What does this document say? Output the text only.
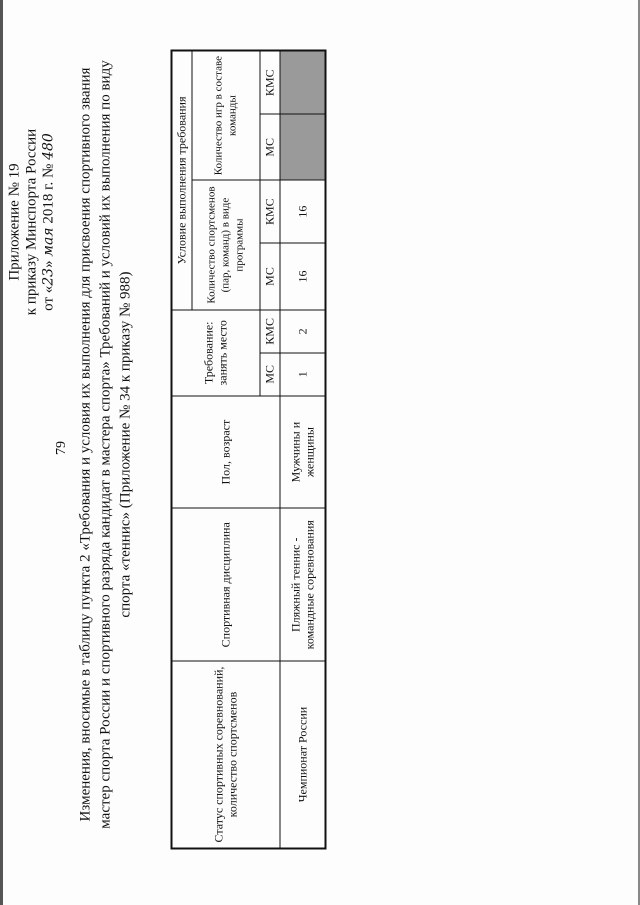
79
Приложение № 19 к приказу Минспорта России от «23» мая 2018 г. № 480 Изменения, вносимые в таблицу пункта 2 «Требования и условия их выполнения для присвоения спортивного звания мастер спорта России и спортивного разряда кандидат в мастера спорта» Требований и условий их выполнения по виду спорта «теннис» (Приложение № 34 к приказу № 988)
Статус спортивных соревнований, количество спортсменов	Спортивная дисциплина	Пол, возраст	Требование: занять место		Условие выполнения требования			
					Количество спортсменов (пар, команд) в виде программы		Количество игр в составе команды	
			МС	КМС	МС	КМС	МС	КМС
Чемпионат России	Пляжный теннис - командные соревнования	Мужчины и женщины	1	2	16	16		
